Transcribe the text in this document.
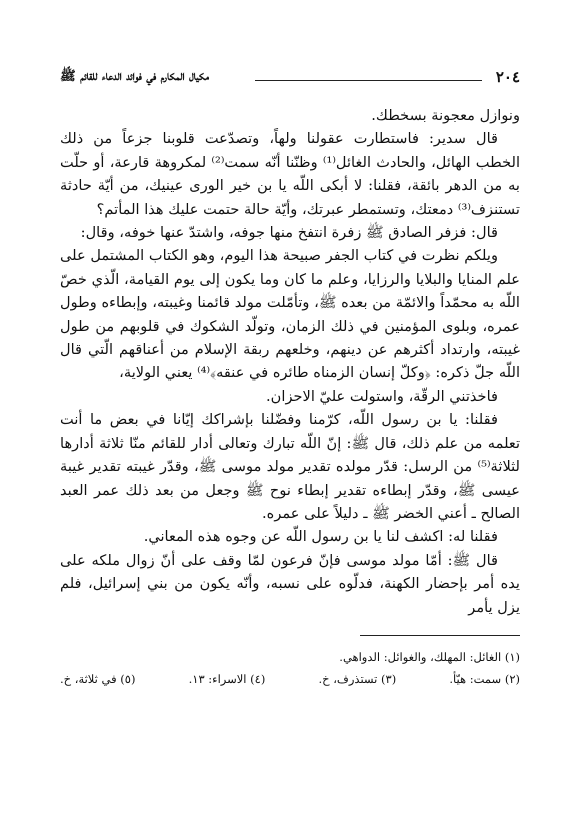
٢٠٤
مكيال المكارم في فوائد الدعاء للقائم ﷺ

ونوازل معجونة بسخطك.

قال سدير: فاستطارت عقولنا ولهاً، وتصدّعت قلوبنا جزعاً من ذلك الخطب الهائل، والحادث الغائل⁽¹⁾ وظنّنا أنّه سمت⁽²⁾ لمكروهة قارعة، أو حلّت به من الدهر بائقة، فقلنا: لا أبكى اللّه يا بن خير الورى عينيك، من أيّة حادثة تستنزف⁽³⁾ دمعتك، وتستمطر عبرتك، وأيّة حالة حتمت عليك هذا المأتم؟

قال: فزفر الصادق ﷺ زفرة انتفخ منها جوفه، واشتدّ عنها خوفه، وقال:

ويلكم نظرت في كتاب الجفر صبيحة هذا اليوم، وهو الكتاب المشتمل على علم المنايا والبلايا والرزايا، وعلم ما كان وما يكون إلى يوم القيامة، الّذي خصّ اللّه به محمّداً والائمّة من بعده ﷺ، وتأمّلت مولد قائمنا وغيبته، وإبطاءه وطول عمره، وبلوى المؤمنين في ذلك الزمان، وتولّد الشكوك في قلوبهم من طول غيبته، وارتداد أكثرهم عن دينهم، وخلعهم ربقة الإسلام من أعناقهم الّتي قال اللّه جلّ ذكره: ﴿وكلّ إنسان الزمناه طائره في عنقه﴾⁽⁴⁾ يعني الولاية،

فاخذتني الرقّة، واستولت عليّ الاحزان.

فقلنا: يا بن رسول اللّه، كرّمنا وفضّلنا بإشراكك إيّانا في بعض ما أنت تعلمه من علم ذلك، قال ﷺ: إنّ اللّه تبارك وتعالى أدار للقائم منّا ثلاثة أدارها لثلاثة⁽⁵⁾ من الرسل: قدّر مولده تقدير مولد موسى ﷺ، وقدّر غيبته تقدير غيبة عيسى ﷺ، وقدّر إبطاءه تقدير إبطاء نوح ﷺ وجعل من بعد ذلك عمر العبد الصالح ـ أعني الخضر ﷺ ـ دليلاً على عمره.

فقلنا له: اكشف لنا يا بن رسول اللّه عن وجوه هذه المعاني.

قال ﷺ: أمّا مولد موسى فإنّ فرعون لمّا وقف على أنّ زوال ملكه على يده أمر بإحضار الكهنة، فدلّوه على نسبه، وأنّه يكون من بني إسرائيل، فلم يزل يأمر

(١) الغائل: المهلك، والغوائل: الدواهي.

(٢) سمت: هيّأ.
(٣) تستذرف، خ.
(٤) الاسراء: ١٣.
(٥) في ثلاثة، خ.
